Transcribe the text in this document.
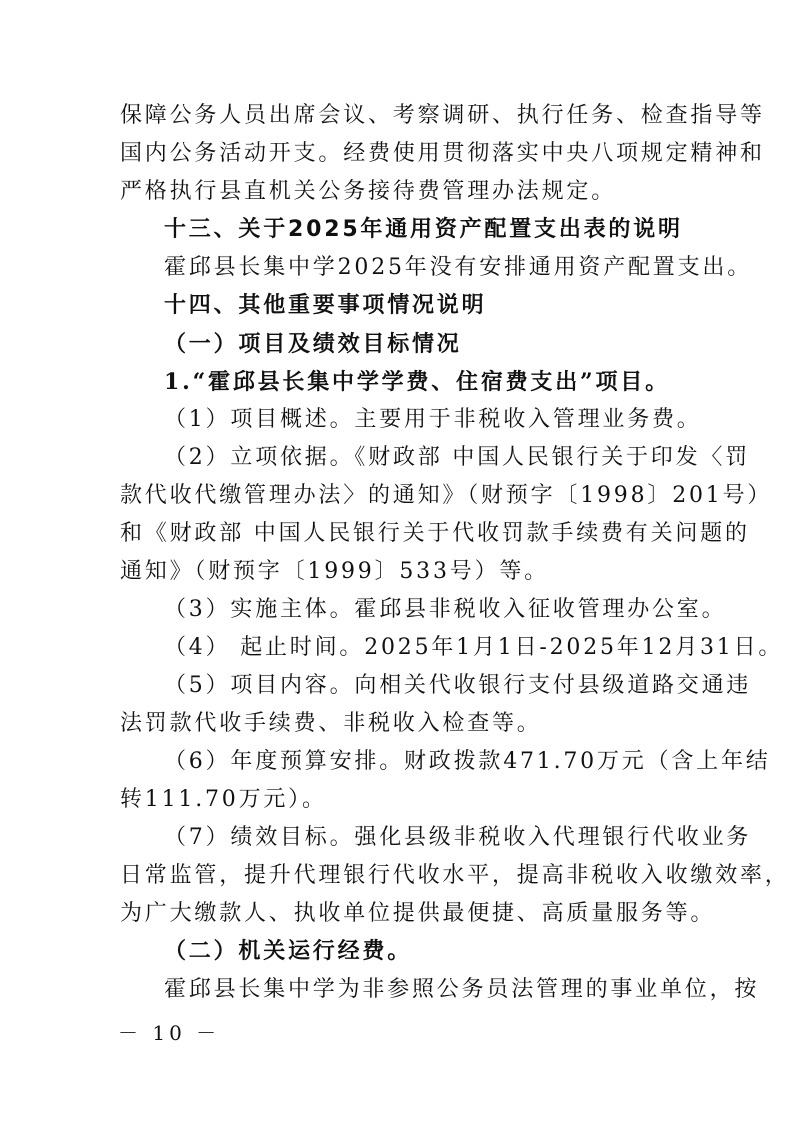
保障公务人员出席会议、考察调研、执行任务、检查指导等
国内公务活动开支。经费使用贯彻落实中央八项规定精神和
严格执行县直机关公务接待费管理办法规定。
十三、关于2025年通用资产配置支出表的说明
霍邱县长集中学2025年没有安排通用资产配置支出。
十四、其他重要事项情况说明
（一）项目及绩效目标情况
1.“霍邱县长集中学学费、住宿费支出”项目。
（1）项目概述。主要用于非税收入管理业务费。
（2）立项依据。《财政部 中国人民银行关于印发〈罚
款代收代缴管理办法〉的通知》（财预字〔1998〕201号）
和《财政部 中国人民银行关于代收罚款手续费有关问题的
通知》（财预字〔1999〕533号）等。
（3）实施主体。霍邱县非税收入征收管理办公室。
（4） 起止时间。2025年1月1日-2025年12月31日。
（5）项目内容。向相关代收银行支付县级道路交通违
法罚款代收手续费、非税收入检查等。
（6）年度预算安排。财政拨款471.70万元（含上年结
转111.70万元）。
（7）绩效目标。强化县级非税收入代理银行代收业务
日常监管，提升代理银行代收水平，提高非税收入收缴效率，
为广大缴款人、执收单位提供最便捷、高质量服务等。
（二）机关运行经费。
霍邱县长集中学为非参照公务员法管理的事业单位，按
－ 10 －
